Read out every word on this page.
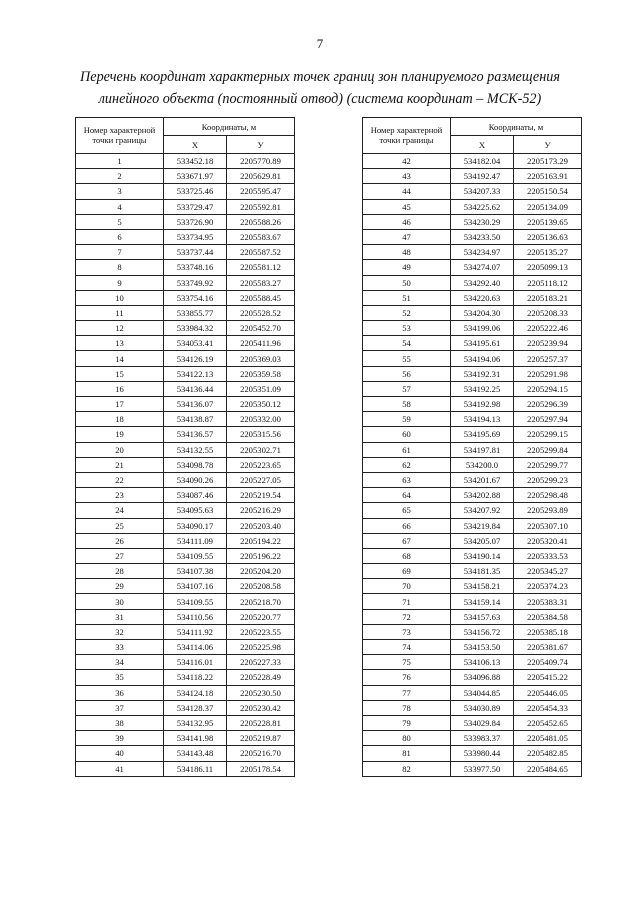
7
Перечень координат характерных точек границ зон планируемого размещения
линейного объекта (постоянный отвод) (система координат – МСК-52)
Номер характерной точки границы	Координаты, м	
	X	У
1	533452.18	2205770.89
2	533671.97	2205629.81
3	533725.46	2205595.47
4	533729.47	2205592.81
5	533726.90	2205588.26
6	533734.95	2205583.67
7	533737.44	2205587.52
8	533748.16	2205581.12
9	533749.92	2205583.27
10	533754.16	2205588.45
11	533855.77	2205528.52
12	533984.32	2205452.70
13	534053.41	2205411.96
14	534126.19	2205369.03
15	534122.13	2205359.58
16	534136.44	2205351.09
17	534136.07	2205350.12
18	534138.87	2205332.00
19	534136.57	2205315.56
20	534132.55	2205302.71
21	534098.78	2205223.65
22	534090.26	2205227.05
23	534087.46	2205219.54
24	534095.63	2205216.29
25	534090.17	2205203.40
26	534111.09	2205194.22
27	534109.55	2205196.22
28	534107.38	2205204.20
29	534107.16	2205208.58
30	534109.55	2205218.70
31	534110.56	2205220.77
32	534111.92	2205223.55
33	534114.06	2205225.98
34	534116.01	2205227.33
35	534118.22	2205228.49
36	534124.18	2205230.50
37	534128.37	2205230.42
38	534132.95	2205228.81
39	534141.98	2205219.87
40	534143.48	2205216.70
41	534186.11	2205178.54
Номер характерной точки границы	Координаты, м	
	X	У
42	534182.04	2205173.29
43	534192.47	2205163.91
44	534207.33	2205150.54
45	534225.62	2205134.09
46	534230.29	2205139.65
47	534233.50	2205136.63
48	534234.97	2205135.27
49	534274.07	2205099.13
50	534292.40	2205118.12
51	534220.63	2205183.21
52	534204.30	2205208.33
53	534199.06	2205222.46
54	534195.61	2205239.94
55	534194.06	2205257.37
56	534192.31	2205291.98
57	534192.25	2205294.15
58	534192.98	2205296.39
59	534194.13	2205297.94
60	534195.69	2205299.15
61	534197.81	2205299.84
62	534200.0	2205299.77
63	534201.67	2205299.23
64	534202.88	2205298.48
65	534207.92	2205293.89
66	534219.84	2205307.10
67	534205.07	2205320.41
68	534190.14	2205333.53
69	534181.35	2205345.27
70	534158.21	2205374.23
71	534159.14	2205383.31
72	534157.63	2205384.58
73	534156.72	2205385.18
74	534153.50	2205381.67
75	534106.13	2205409.74
76	534096.88	2205415.22
77	534044.85	2205446.05
78	534030.89	2205454.33
79	534029.84	2205452.65
80	533983.37	2205481.05
81	533980.44	2205482.85
82	533977.50	2205484.65
